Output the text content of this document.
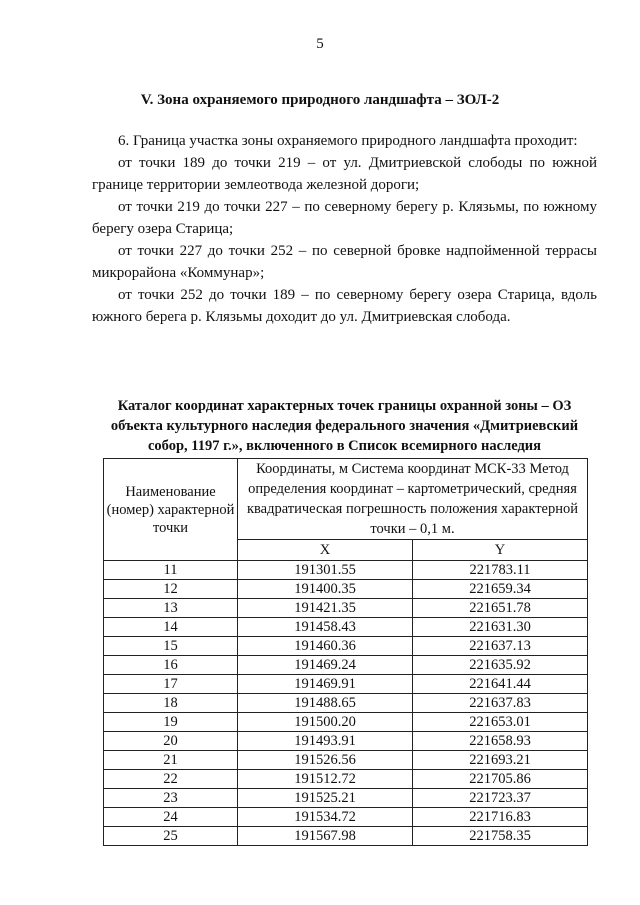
5
V. Зона охраняемого природного ландшафта – ЗОЛ-2

6. Граница участка зоны охраняемого природного ландшафта проходит:

от точки 189 до точки 219 – от ул. Дмитриевской слободы по южной границе территории землеотвода железной дороги;

от точки 219 до точки 227 – по северному берегу р. Клязьмы, по южному берегу озера Старица;

от точки 227 до точки 252 – по северной бровке надпойменной террасы микрорайона «Коммунар»;

от точки 252 до точки 189 – по северному берегу озера Старица, вдоль южного берега р. Клязьмы доходит до ул. Дмитриевская слобода.

Каталог координат характерных точек границы охранной зоны – ОЗ объекта культурного наследия федерального значения «Дмитриевский собор, 1197 г.», включенного в Список всемирного наследия
Наименование (номер) характерной точки	Координаты, м Система координат МСК-33 Метод определения координат – картометрический, средняя квадратическая погрешность положения характерной точки – 0,1 м.	
	X	Y
11	191301.55	221783.11
12	191400.35	221659.34
13	191421.35	221651.78
14	191458.43	221631.30
15	191460.36	221637.13
16	191469.24	221635.92
17	191469.91	221641.44
18	191488.65	221637.83
19	191500.20	221653.01
20	191493.91	221658.93
21	191526.56	221693.21
22	191512.72	221705.86
23	191525.21	221723.37
24	191534.72	221716.83
25	191567.98	221758.35
